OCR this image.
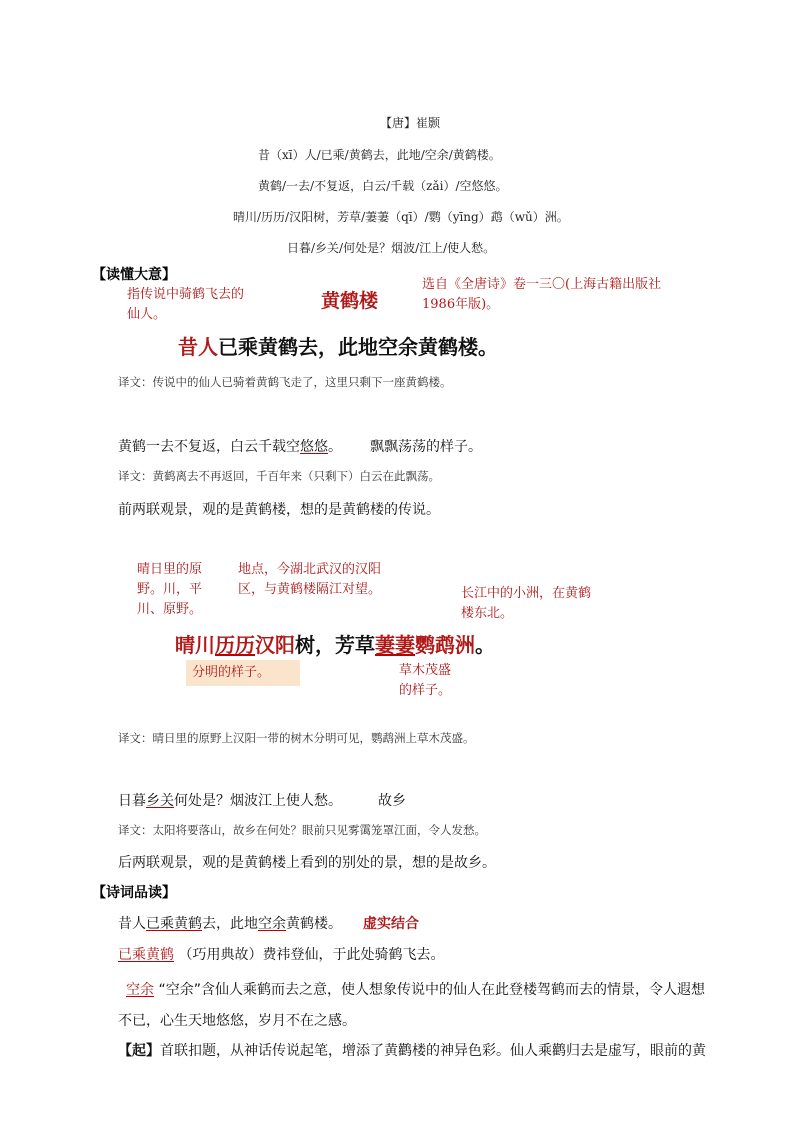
【唐】崔颢
昔（xī）人/已乘/黄鹤去，此地/空余/黄鹤楼。
黄鹤/一去/不复返，白云/千载（zǎi）/空悠悠。
晴川/历历/汉阳树，芳草/萋萋（qī）/鹦（yīng）鹉（wǔ）洲。
日暮/乡关/何处是？烟波/江上/使人愁。
【读懂大意】
指传说中骑鹤飞去的仙人。
黄鹤楼
选自《全唐诗》卷一三〇(上海古籍出版社1986年版)。
昔人已乘黄鹤去，此地空余黄鹤楼。
译文：传说中的仙人已骑着黄鹤飞走了，这里只剩下一座黄鹤楼。
黄鹤一去不复返，白云千载空悠悠。 飘飘荡荡的样子。
译文：黄鹤离去不再返回，千百年来（只剩下）白云在此飘荡。
前两联观景，观的是黄鹤楼，想的是黄鹤楼的传说。
晴日里的原野。川，平川、原野。
地点，今湖北武汉的汉阳区，与黄鹤楼隔江对望。	长江中的小洲，在黄鹤楼东北。
晴川历历汉阳树，芳草萋萋鹦鹉洲。
分明的样子。	草木茂盛的样子。
译文：晴日里的原野上汉阳一带的树木分明可见，鹦鹉洲上草木茂盛。
日暮乡关何处是？烟波江上使人愁。	故乡
译文：太阳将要落山，故乡在何处？眼前只见雾霭笼罩江面，令人发愁。
后两联观景，观的是黄鹤楼上看到的别处的景，想的是故乡。
【诗词品读】
昔人已乘黄鹤去，此地空余黄鹤楼。 虚实结合
已乘黄鹤 （巧用典故）费祎登仙，于此处骑鹤飞去。
空余 “空余”含仙人乘鹤而去之意，使人想象传说中的仙人在此登楼驾鹤而去的情景，令人遐想不已，心生天地悠悠，岁月不在之感。
【起】首联扣题，从神话传说起笔，增添了黄鹳楼的神异色彩。仙人乘鹳归去是虚写，眼前的黄
